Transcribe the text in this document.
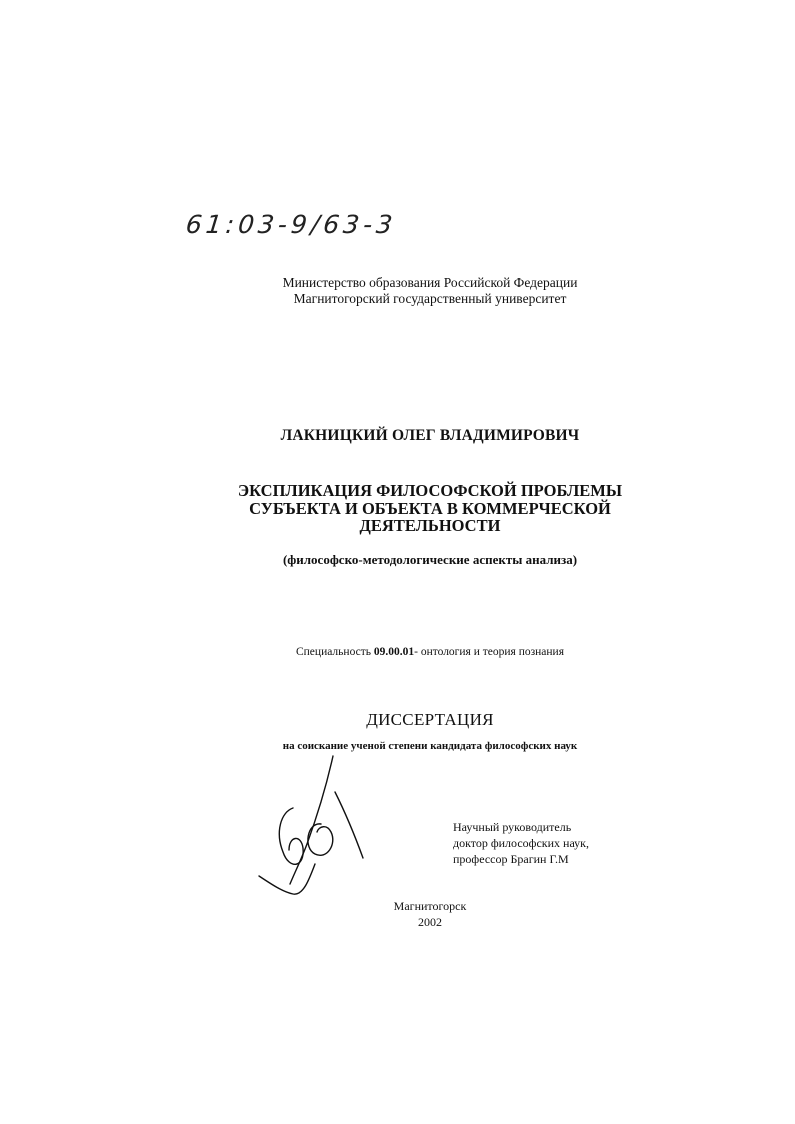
61:03-9/63-3
Министерство образования Российской Федерации
Магнитогорский государственный университет
ЛАКНИЦКИЙ ОЛЕГ ВЛАДИМИРОВИЧ
ЭКСПЛИКАЦИЯ ФИЛОСОФСКОЙ ПРОБЛЕМЫ
СУБЪЕКТА И ОБЪЕКТА В КОММЕРЧЕСКОЙ
ДЕЯТЕЛЬНОСТИ
(философско-методологические аспекты анализа)
Специальность 09.00.01- онтология и теория познания
ДИССЕРТАЦИЯ
на соискание ученой степени кандидата философских наук
Научный руководитель
доктор философских наук,
профессор Брагин Г.М
Магнитогорск
2002
